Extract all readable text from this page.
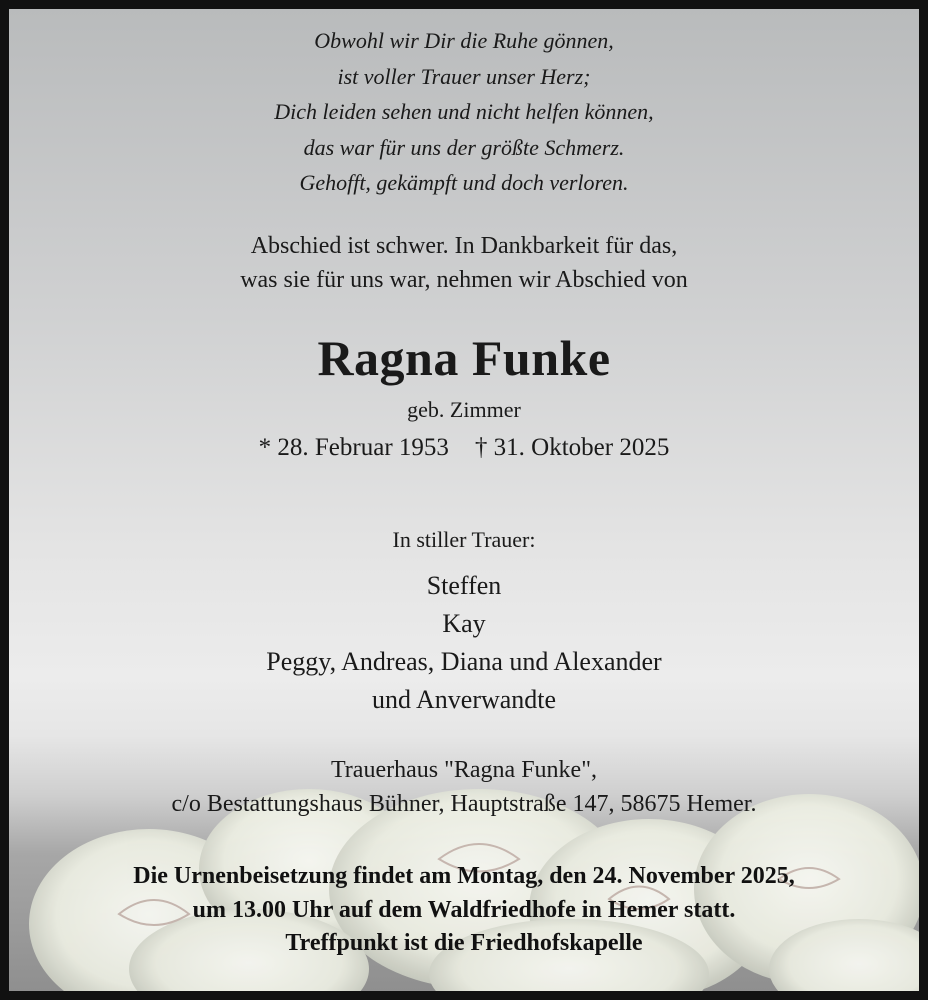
Obwohl wir Dir die Ruhe gönnen,
ist voller Trauer unser Herz;
Dich leiden sehen und nicht helfen können,
das war für uns der größte Schmerz.
Gehofft, gekämpft und doch verloren.
Abschied ist schwer. In Dankbarkeit für das,
was sie für uns war, nehmen wir Abschied von
Ragna Funke
geb. Zimmer
* 28. Februar 1953 † 31. Oktober 2025
In stiller Trauer:
Steffen
Kay
Peggy, Andreas, Diana und Alexander
und Anverwandte
Trauerhaus "Ragna Funke",
c/o Bestattungshaus Bühner, Hauptstraße 147, 58675 Hemer.
Die Urnenbeisetzung findet am Montag, den 24. November 2025,
um 13.00 Uhr auf dem Waldfriedhofe in Hemer statt.
Treffpunkt ist die Friedhofskapelle
